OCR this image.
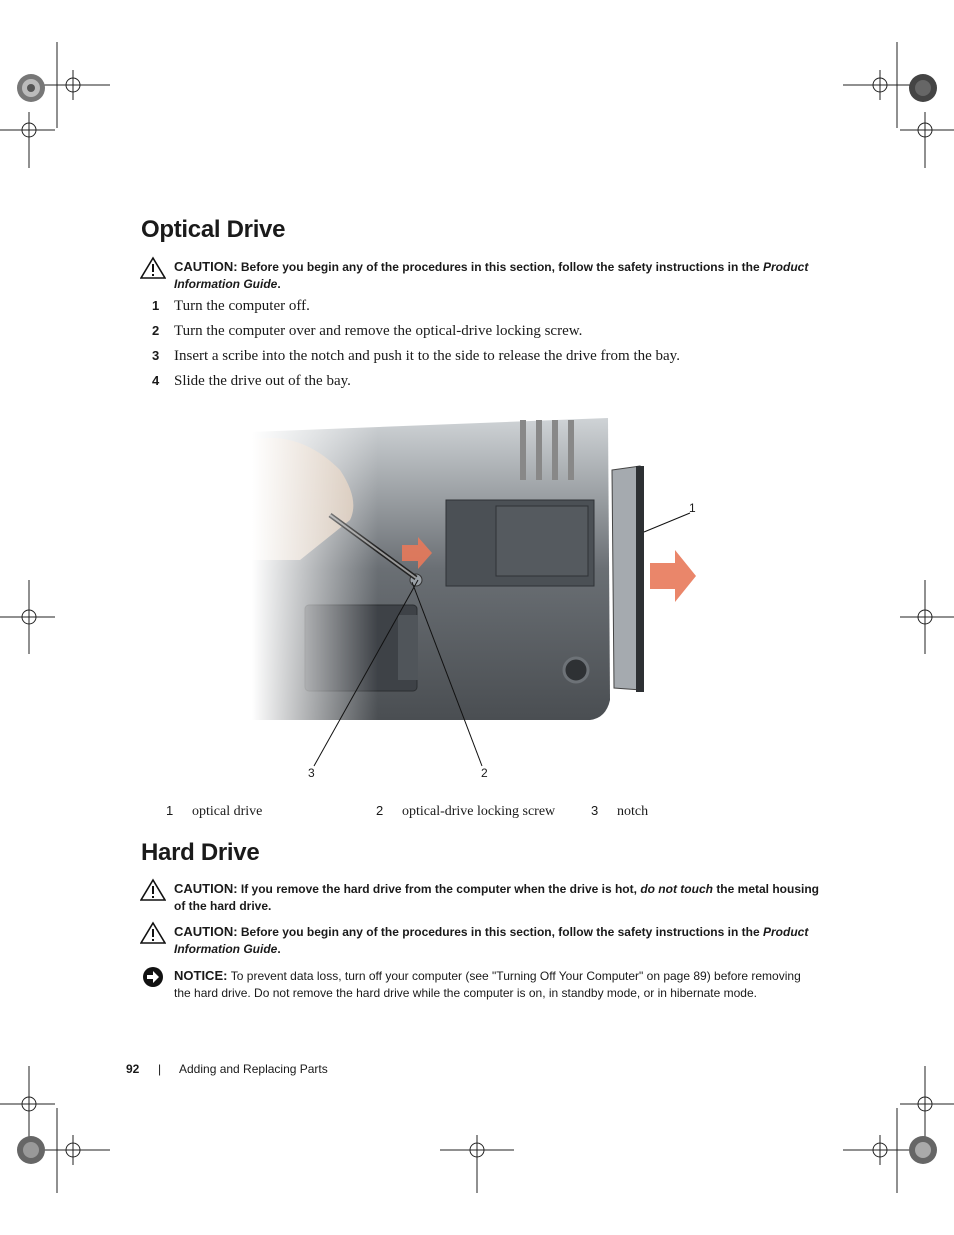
Optical Drive
CAUTION: Before you begin any of the procedures in this section, follow the safety instructions in the Product Information Guide.
1 Turn the computer off.
2 Turn the computer over and remove the optical-drive locking screw.
3 Insert a scribe into the notch and push it to the side to release the drive from the bay.
4 Slide the drive out of the bay.
1
2
3
1 optical drive	2 optical-drive locking screw	3 notch
Hard Drive
CAUTION: If you remove the hard drive from the computer when the drive is hot, do not touch the metal housing of the hard drive.
CAUTION: Before you begin any of the procedures in this section, follow the safety instructions in the Product Information Guide.
NOTICE: To prevent data loss, turn off your computer (see "Turning Off Your Computer" on page 89) before removing the hard drive. Do not remove the hard drive while the computer is on, in standby mode, or in hibernate mode.
92 | Adding and Replacing Parts
